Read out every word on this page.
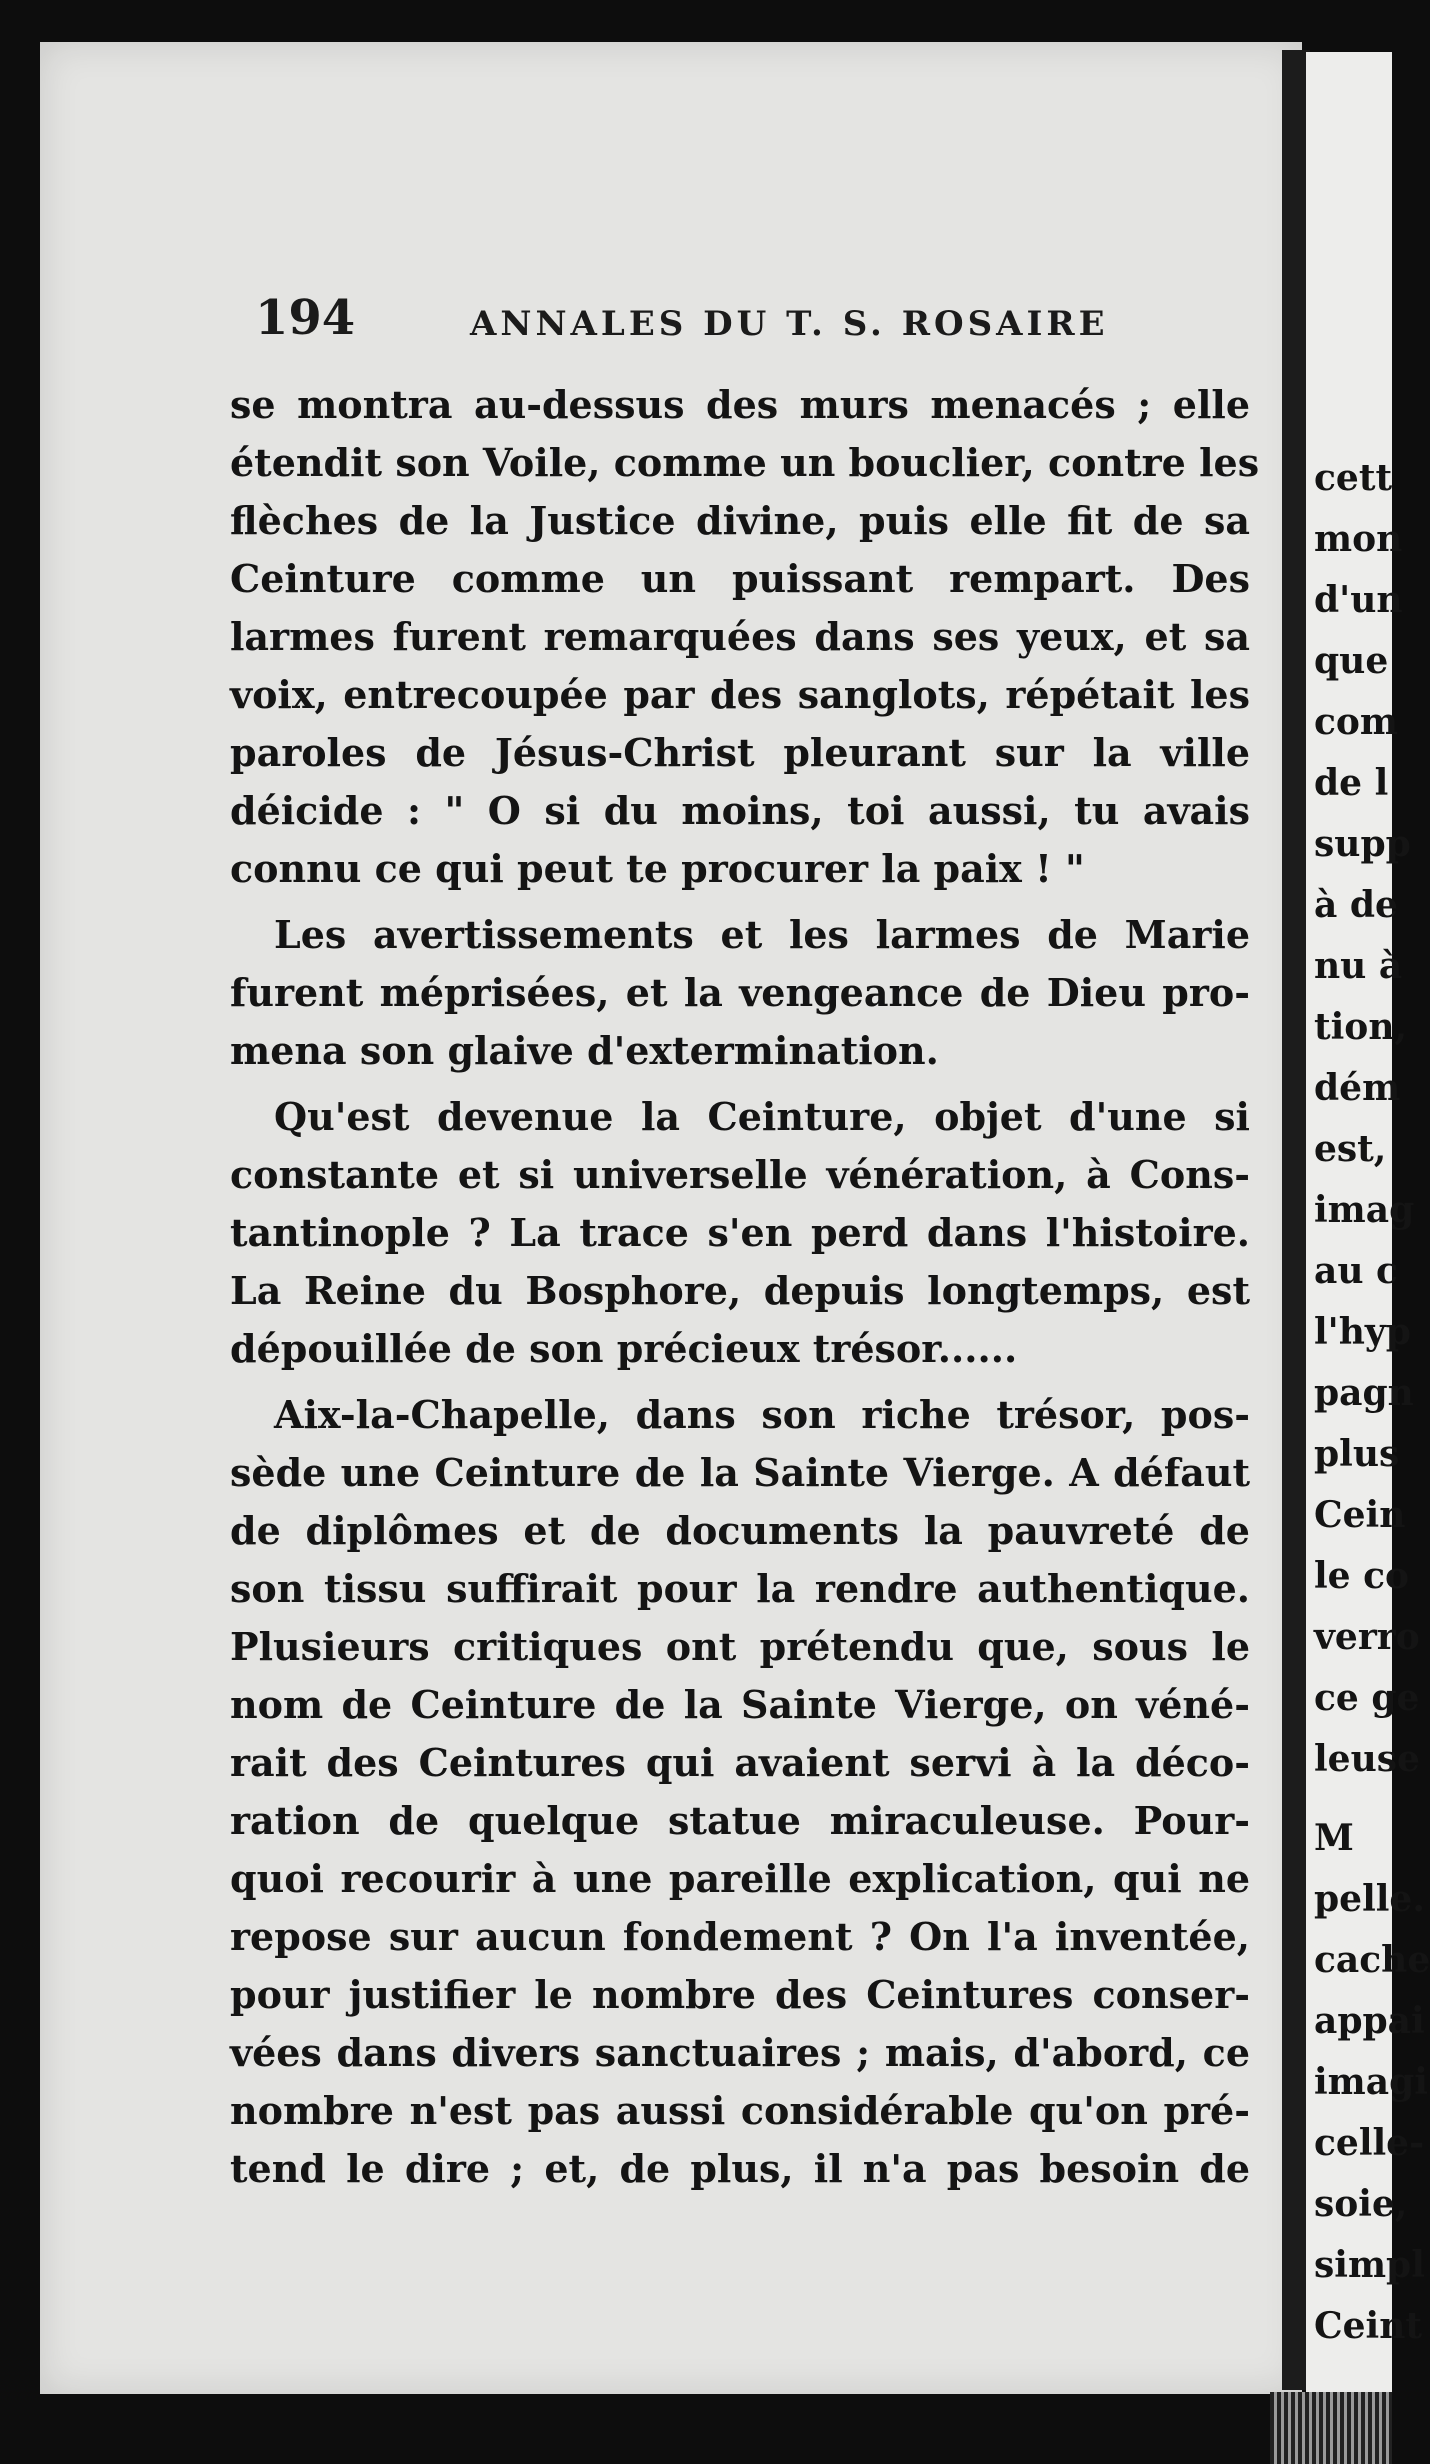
cett
mon
d'un
que
com
de l
supp
à de
nu à
tion,
dém
est,
imag
au c
l'hyp
pagn
plus
Cein
le co
verro
ce ge
leuse
M
pelle.
cache
appai
imagi
celle-
soie,
simpl
Ceint
194	ANNALES DU T. S. ROSAIRE
se montra au-dessus des murs menacés ; elle
étendit son Voile, comme un bouclier, contre les
flèches de la Justice divine, puis elle fit de sa
Ceinture comme un puissant rempart. Des
larmes furent remarquées dans ses yeux, et sa
voix, entrecoupée par des sanglots, répétait les
paroles de Jésus-Christ pleurant sur la ville
déicide : " O si du moins, toi aussi, tu avais
connu ce qui peut te procurer la paix ! "
Les avertissements et les larmes de Marie
furent méprisées, et la vengeance de Dieu pro-
mena son glaive d'extermination.
Qu'est devenue la Ceinture, objet d'une si
constante et si universelle vénération, à Cons-
tantinople ? La trace s'en perd dans l'histoire.
La Reine du Bosphore, depuis longtemps, est
dépouillée de son précieux trésor......
Aix-la-Chapelle, dans son riche trésor, pos-
sède une Ceinture de la Sainte Vierge. A défaut
de diplômes et de documents la pauvreté de
son tissu suffirait pour la rendre authentique.
Plusieurs critiques ont prétendu que, sous le
nom de Ceinture de la Sainte Vierge, on véné-
rait des Ceintures qui avaient servi à la déco-
ration de quelque statue miraculeuse. Pour-
quoi recourir à une pareille explication, qui ne
repose sur aucun fondement ? On l'a inventée,
pour justifier le nombre des Ceintures conser-
vées dans divers sanctuaires ; mais, d'abord, ce
nombre n'est pas aussi considérable qu'on pré-
tend le dire ; et, de plus, il n'a pas besoin de
